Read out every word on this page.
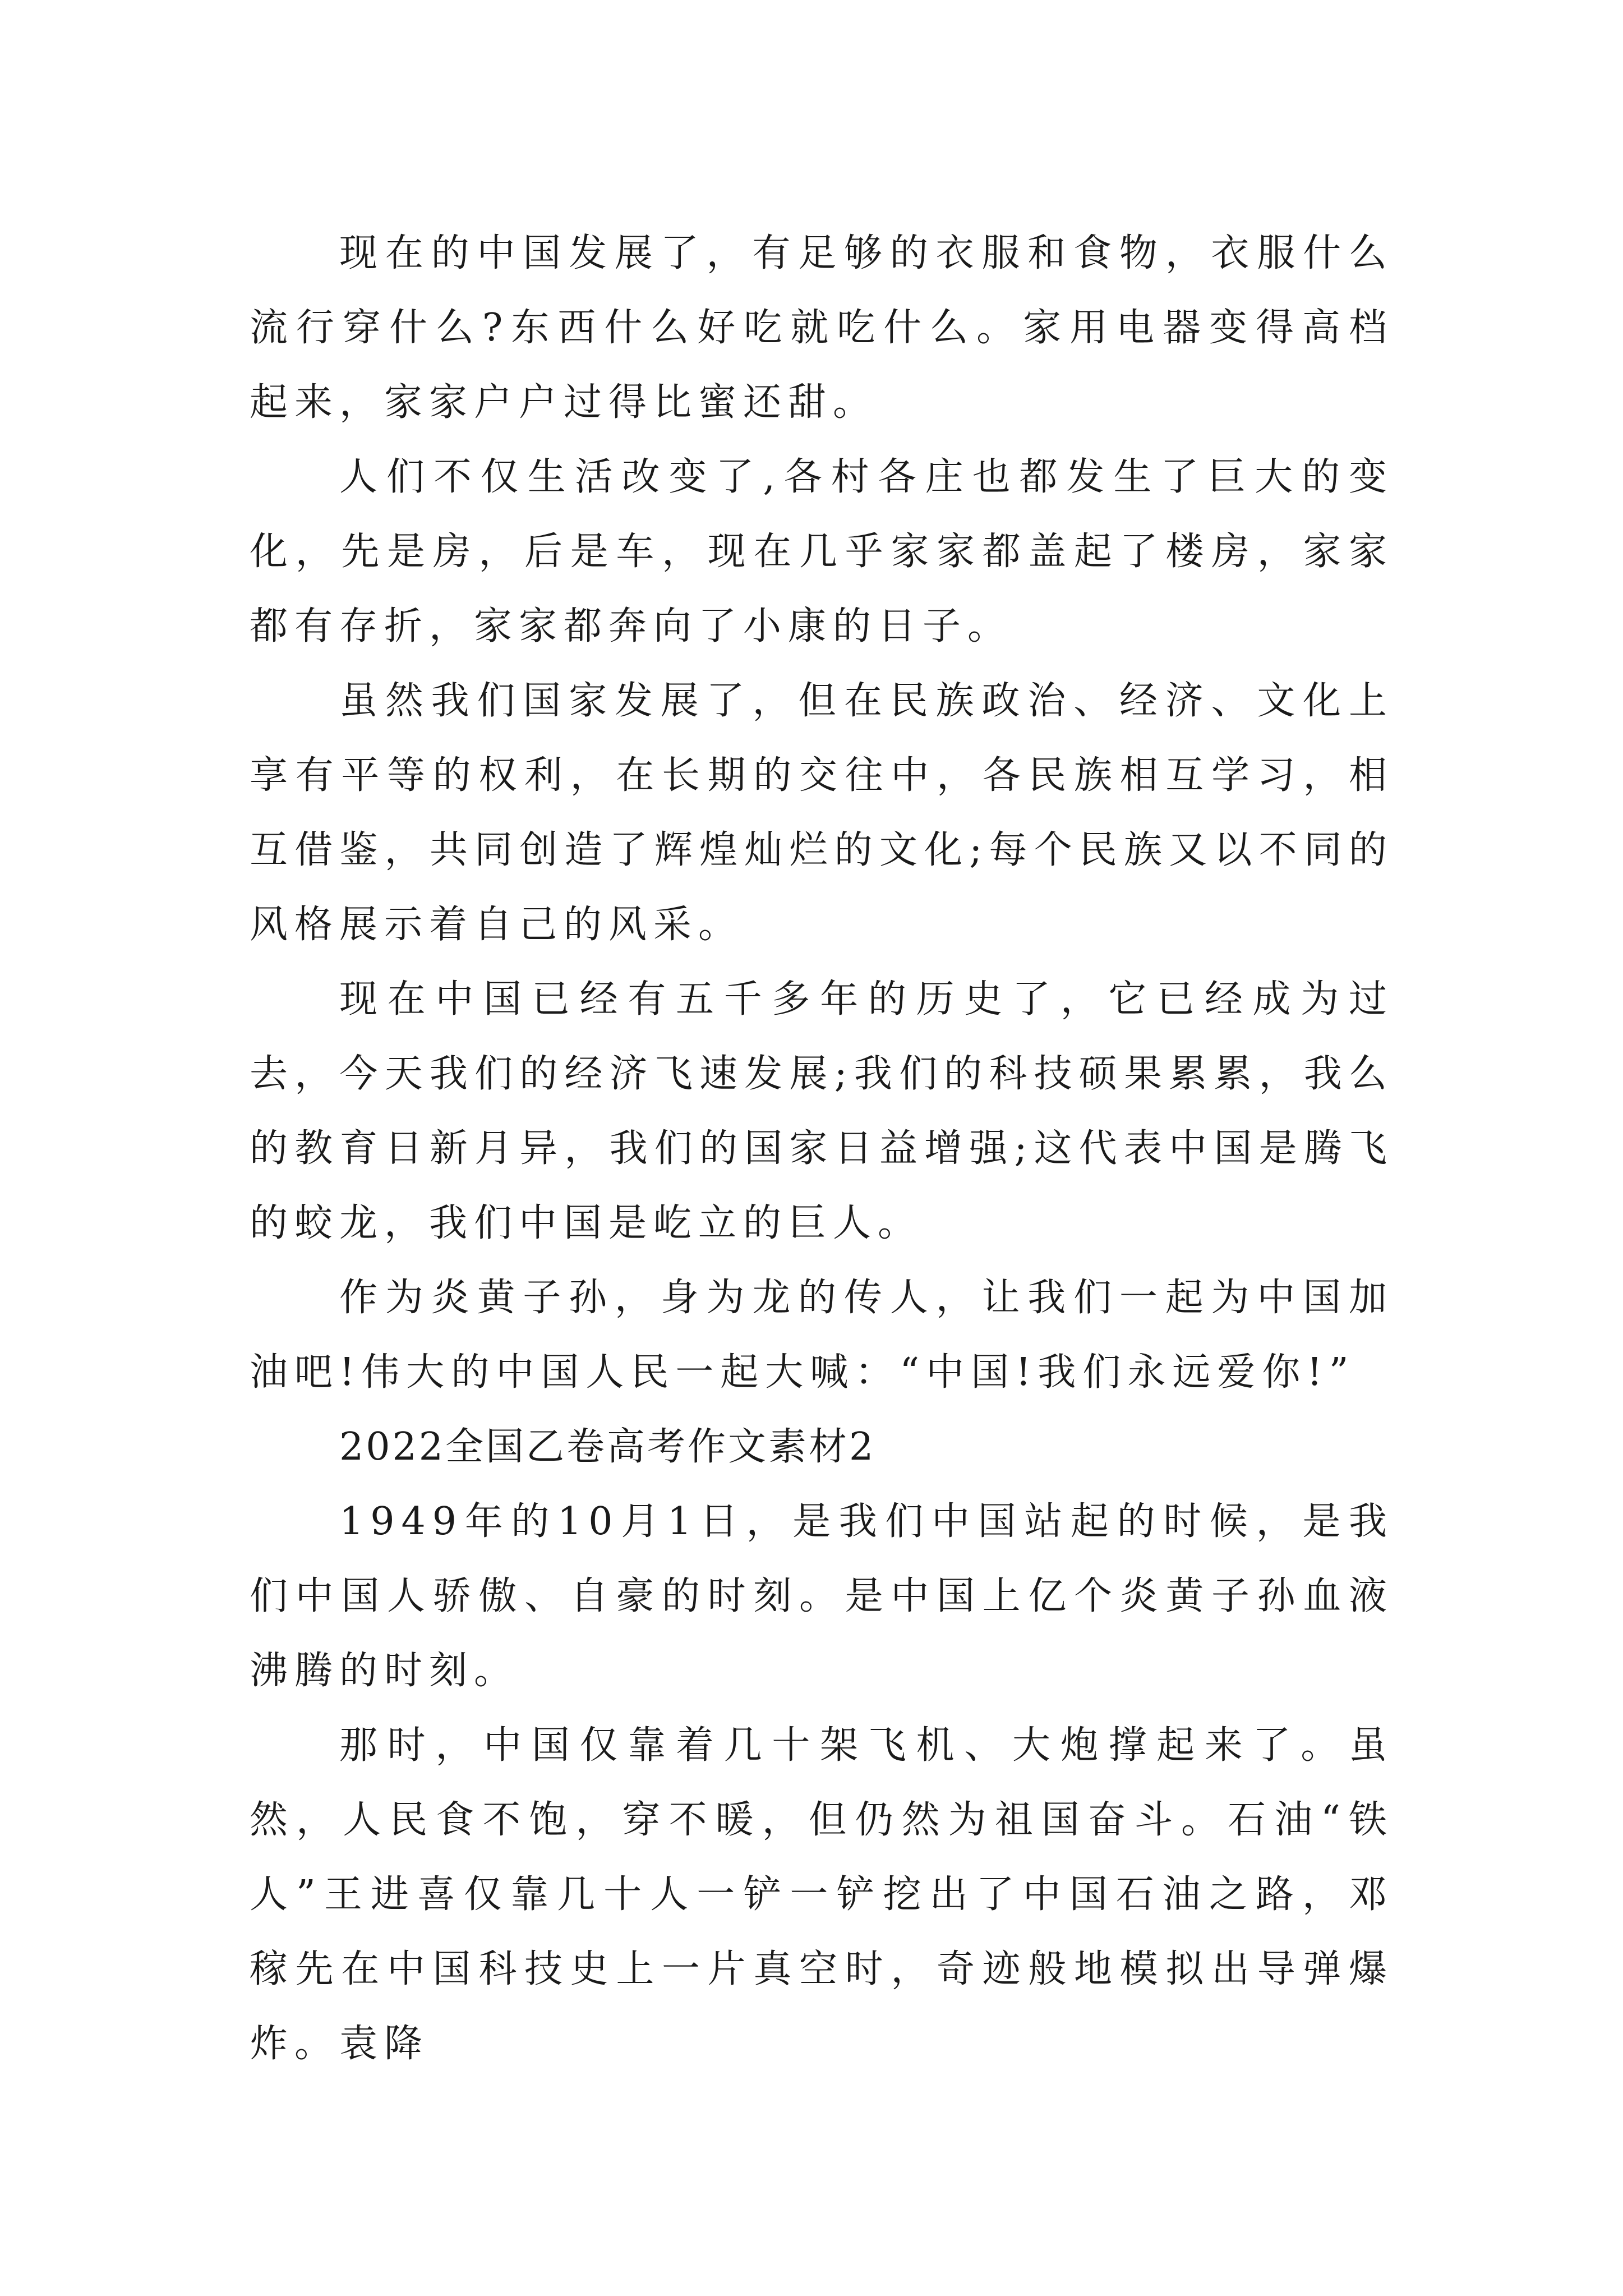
现在的中国发展了，有足够的衣服和食物，衣服什么流行穿什么?东西什么好吃就吃什么。家用电器变得高档起来，家家户户过得比蜜还甜。

人们不仅生活改变了,各村各庄也都发生了巨大的变化，先是房，后是车，现在几乎家家都盖起了楼房，家家都有存折，家家都奔向了小康的日子。

虽然我们国家发展了，但在民族政治、经济、文化上享有平等的权利，在长期的交往中，各民族相互学习，相互借鉴，共同创造了辉煌灿烂的文化;每个民族又以不同的风格展示着自己的风采。

现在中国已经有五千多年的历史了，它已经成为过去，今天我们的经济飞速发展;我们的科技硕果累累，我么的教育日新月异，我们的国家日益增强;这代表中国是腾飞的蛟龙，我们中国是屹立的巨人。

作为炎黄子孙，身为龙的传人，让我们一起为中国加油吧!伟大的中国人民一起大喊：“中国!我们永远爱你!”

2022全国乙卷高考作文素材2

1949年的10月1日，是我们中国站起的时候，是我们中国人骄傲、自豪的时刻。是中国上亿个炎黄子孙血液沸腾的时刻。

那时，中国仅靠着几十架飞机、大炮撑起来了。虽然，人民食不饱，穿不暖，但仍然为祖国奋斗。石油“铁人”王进喜仅靠几十人一铲一铲挖出了中国石油之路，邓稼先在中国科技史上一片真空时，奇迹般地模拟出导弹爆炸。袁降
